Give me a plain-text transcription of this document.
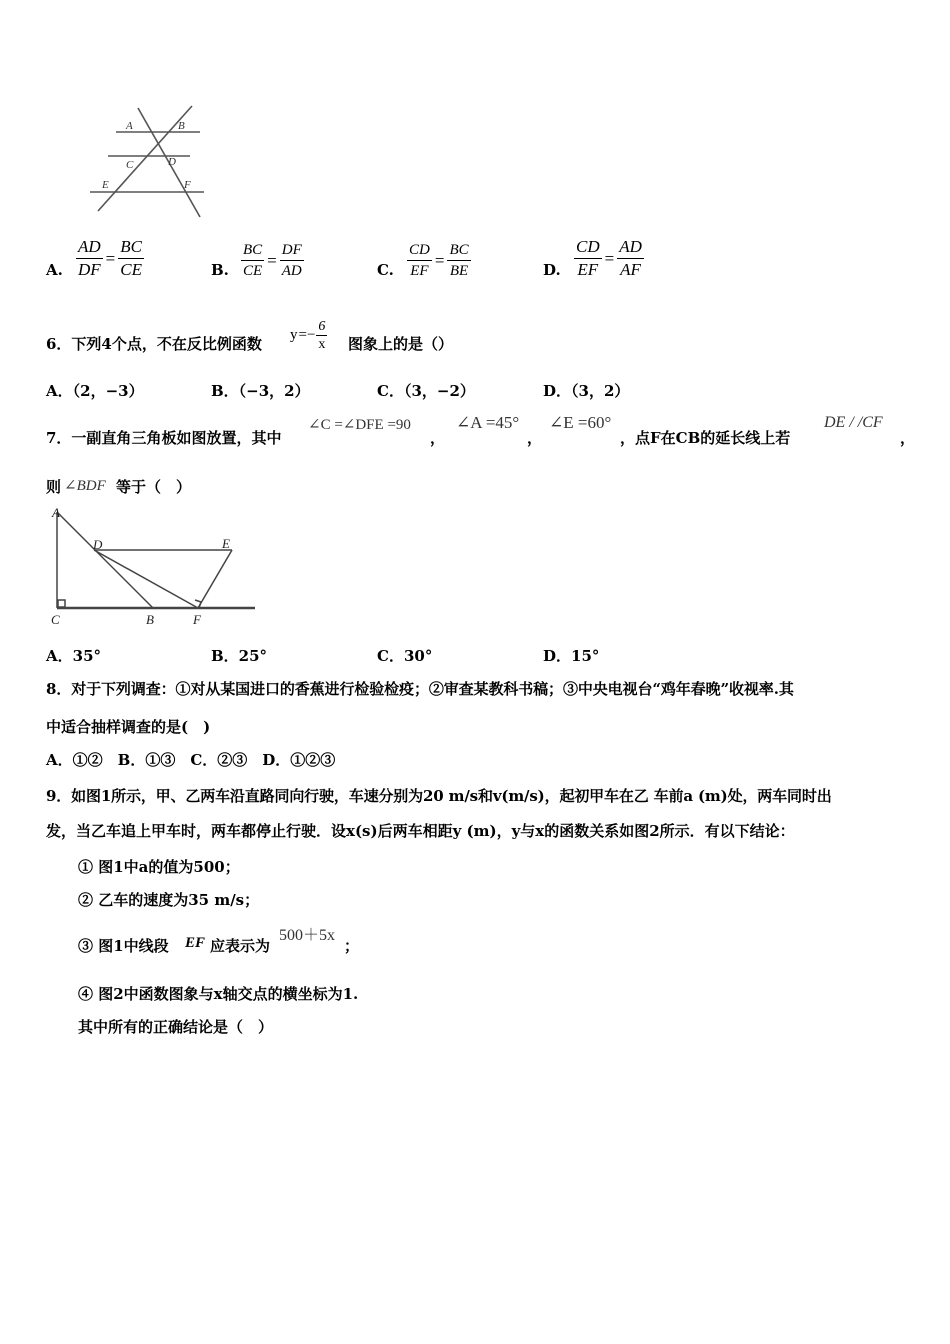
A	B
C	D
E	F
A. $\frac{AD}{DF} = \frac{BC}{CE}$	B. $\frac{BC}{CE} = \frac{DF}{AD}$	C. $\frac{CD}{EF} = \frac{BC}{BE}$	D. $\frac{CD}{EF} = \frac{AD}{AF}$
6．下列4个点，不在反比例函数 $y =- \frac{6}{x}$ 图象上的是（）
A．（2，−3）	B．（−3，2）	C．（3，−2）	D．（3，2）
7．一副直角三角板如图放置，其中
∠C =∠DFE =90
，
∠A =45°
，
∠E =60°
，点F在CB的延长线上若
DE / /CF
，
则 ∠BDF 等于（　）
A
D	E
C	B	F
A．35°	B．25°	C．30°	D．15°
8．对于下列调查：①对从某国进口的香蕉进行检验检疫；②审查某教科书稿；③中央电视台“鸡年春晚”收视率.其
中适合抽样调查的是(　)
A．①②　B．①③　C．②③　D．①②③
9．如图1所示，甲、乙两车沿直路同向行驶，车速分别为20 m/s和v(m/s)，起初甲车在乙 车前a (m)处，两车同时出
发，当乙车追上甲车时，两车都停止行驶．设x(s)后两车相距y (m)，y与x的函数关系如图2所示．有以下结论：
① 图1中a的值为500；
② 乙车的速度为35 m/s；
③ 图1中线段 EF 应表示为
500＋5x
；
④ 图2中函数图象与x轴交点的横坐标为1.
其中所有的正确结论是（　）
